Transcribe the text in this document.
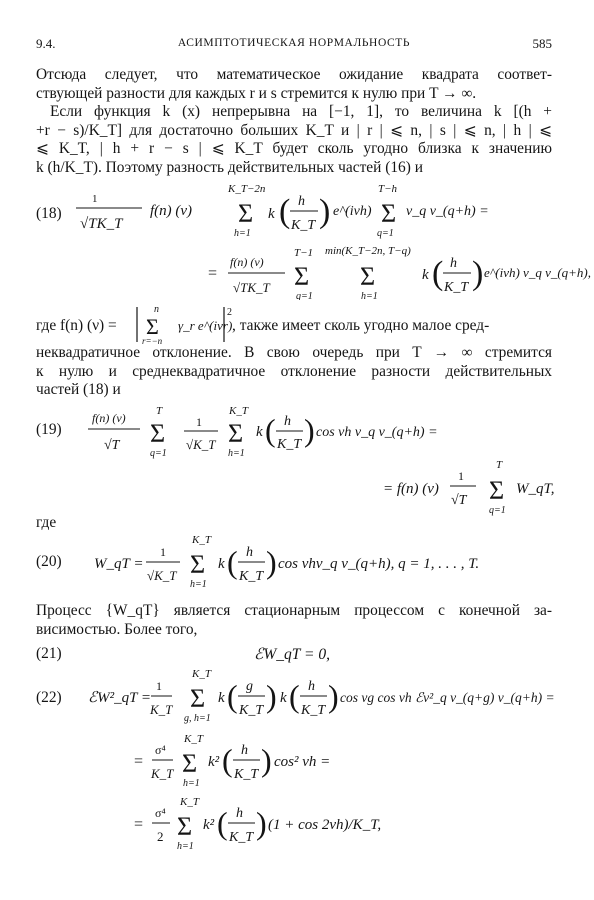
9.4.	АСИМПТОТИЧЕСКАЯ НОРМАЛЬНОСТЬ	585
Отсюда следует, что математическое ожидание квадрата соответ-
ствующей разности для каждых r и s стремится к нулю при T → ∞.
Если функция k (x) непрерывна на [−1, 1], то величина k [(h +
+r − s)/K_T] для достаточно больших K_T и | r | ⩽ n, | s | ⩽ n, | h | ⩽
⩽ K_T, | h + r − s | ⩽ K_T будет сколь угодно близка к значению
k (h/K_T). Поэтому разность действительных частей (16) и
(18)
1
√TK_T
f(n) (ν)
K_T−2n
Σ
h=1
k ( h
K_T ) e^(iνh)
T−h
Σ
q=1
v_q v_(q+h) =
=
f(n) (ν)
√TK_T
T−1
Σ
q=1
min(K_T−2n, T−q)
Σ
h=1
k ( h
K_T ) e^(iνh) v_q v_(q+h),
где f(n) (ν) =
n
Σ
r=−n
γ_r e^(iνr)
2
, также имеет сколь угодно малое сред-
неквадратичное отклонение. В свою очередь при T → ∞ стремится
к нулю и среднеквадратичное отклонение разности действительных
частей (18) и
(19)
f(n) (ν)
√T
T
Σ
q=1
1
√K_T
K_T
Σ
h=1
k ( h
K_T ) cos νh v_q v_(q+h) =
= f(n) (ν)
1
√T
T
Σ
q=1
W_qT,
где
(20) W_qT =
1
√K_T
K_T
Σ
h=1
k ( h
K_T ) cos νhv_q v_(q+h), q = 1, . . . , T.
Процесс {W_qT} является стационарным процессом с конечной за-
висимостью. Более того,
(21)	ℰW_qT = 0,
(22) ℰW²_qT =
1
K_T
K_T
Σ
g, h=1
k ( g
K_T ) k ( h
K_T ) cos νg cos νh ℰv²_q v_(q+g) v_(q+h) =
=
σ⁴
K_T
K_T
Σ
h=1
k² ( h
K_T ) cos² νh =
=
σ⁴
2
K_T
Σ
h=1
k² ( h
K_T ) (1 + cos 2νh)/K_T,
